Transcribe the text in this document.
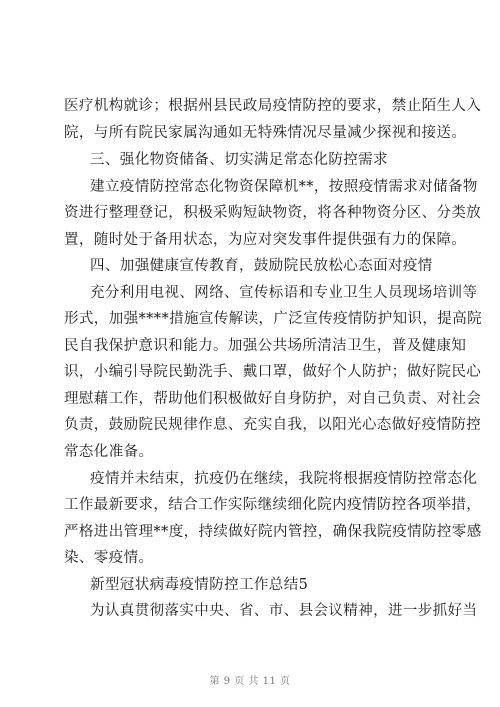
医疗机构就诊；根据州县民政局疫情防控的要求，禁止陌生人入
院，与所有院民家属沟通如无特殊情况尽量减少探视和接送。
三、强化物资储备、切实满足常态化防控需求
建立疫情防控常态化物资保障机**，按照疫情需求对储备物
资进行整理登记，积极采购短缺物资，将各种物资分区、分类放
置，随时处于备用状态，为应对突发事件提供强有力的保障。
四、加强健康宣传教育，鼓励院民放松心态面对疫情
充分利用电视、网络、宣传标语和专业卫生人员现场培训等
形式，加强****措施宣传解读，广泛宣传疫情防护知识，提高院
民自我保护意识和能力。加强公共场所清洁卫生，普及健康知
识，小编引导院民勤洗手、戴口罩，做好个人防护；做好院民心
理慰藉工作，帮助他们积极做好自身防护，对自己负责、对社会
负责，鼓励院民规律作息、充实自我，以阳光心态做好疫情防控
常态化准备。
疫情并未结束，抗疫仍在继续，我院将根据疫情防控常态化
工作最新要求，结合工作实际继续细化院内疫情防控各项举措，
严格进出管理**度，持续做好院内管控，确保我院疫情防控零感
染、零疫情。
新型冠状病毒疫情防控工作总结5
为认真贯彻落实中央、省、市、县会议精神，进一步抓好当
第 9 页 共 11 页
